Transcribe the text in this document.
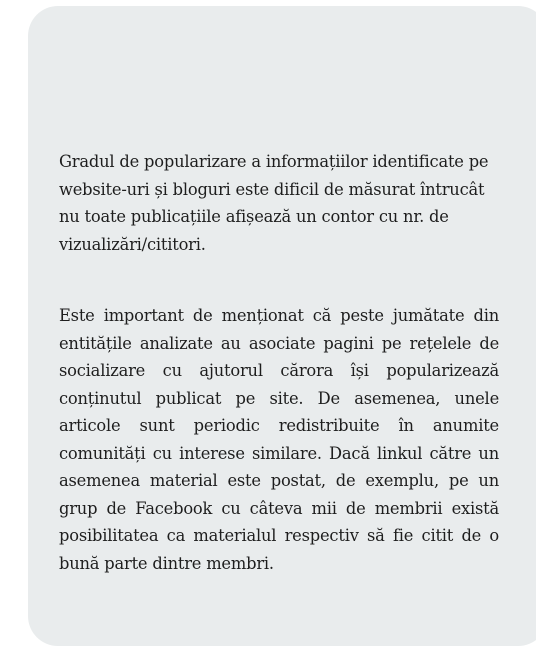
Gradul de popularizare a informațiilor identificate pe website-uri și bloguri este dificil de măsurat întrucât nu toate publicațiile afișează un contor cu nr. de vizualizări/cititori.

Este important de menționat că peste jumătate din entitățile analizate au asociate pagini pe rețelele de socializare cu ajutorul cărora își popularizează conținutul publicat pe site. De asemenea, unele articole sunt periodic redistribuite în anumite comunități cu interese similare. Dacă linkul către un asemenea material este postat, de exemplu, pe un grup de Facebook cu câteva mii de membrii există posibilitatea ca materialul respectiv să fie citit de o bună parte dintre membri.
